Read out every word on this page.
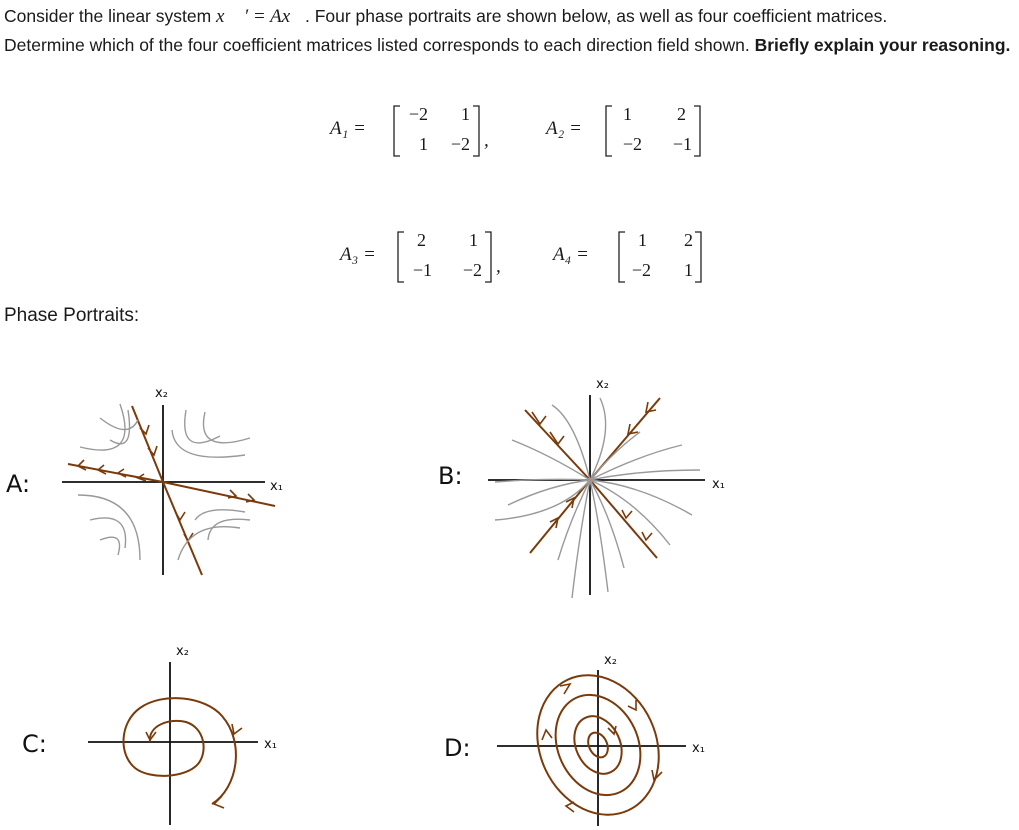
Consider the linear system x⃗ ′ = Ax⃗. Four phase portraits are shown below, as well as four coefficient matrices.
Determine which of the four coefficient matrices listed corresponds to each direction field shown. Briefly explain your reasoning.
A₁ =
−2	1
1	−2 ,
A₂ =
1	2
−2	−1
A₃ =
2	1
−1	−2 ,
A₄ =
1	2
−2	1
Phase Portraits:
x₂
x₁
A:
x₂
x₁
B:
x₂
x₁
C:
x₂
x₁
D:
